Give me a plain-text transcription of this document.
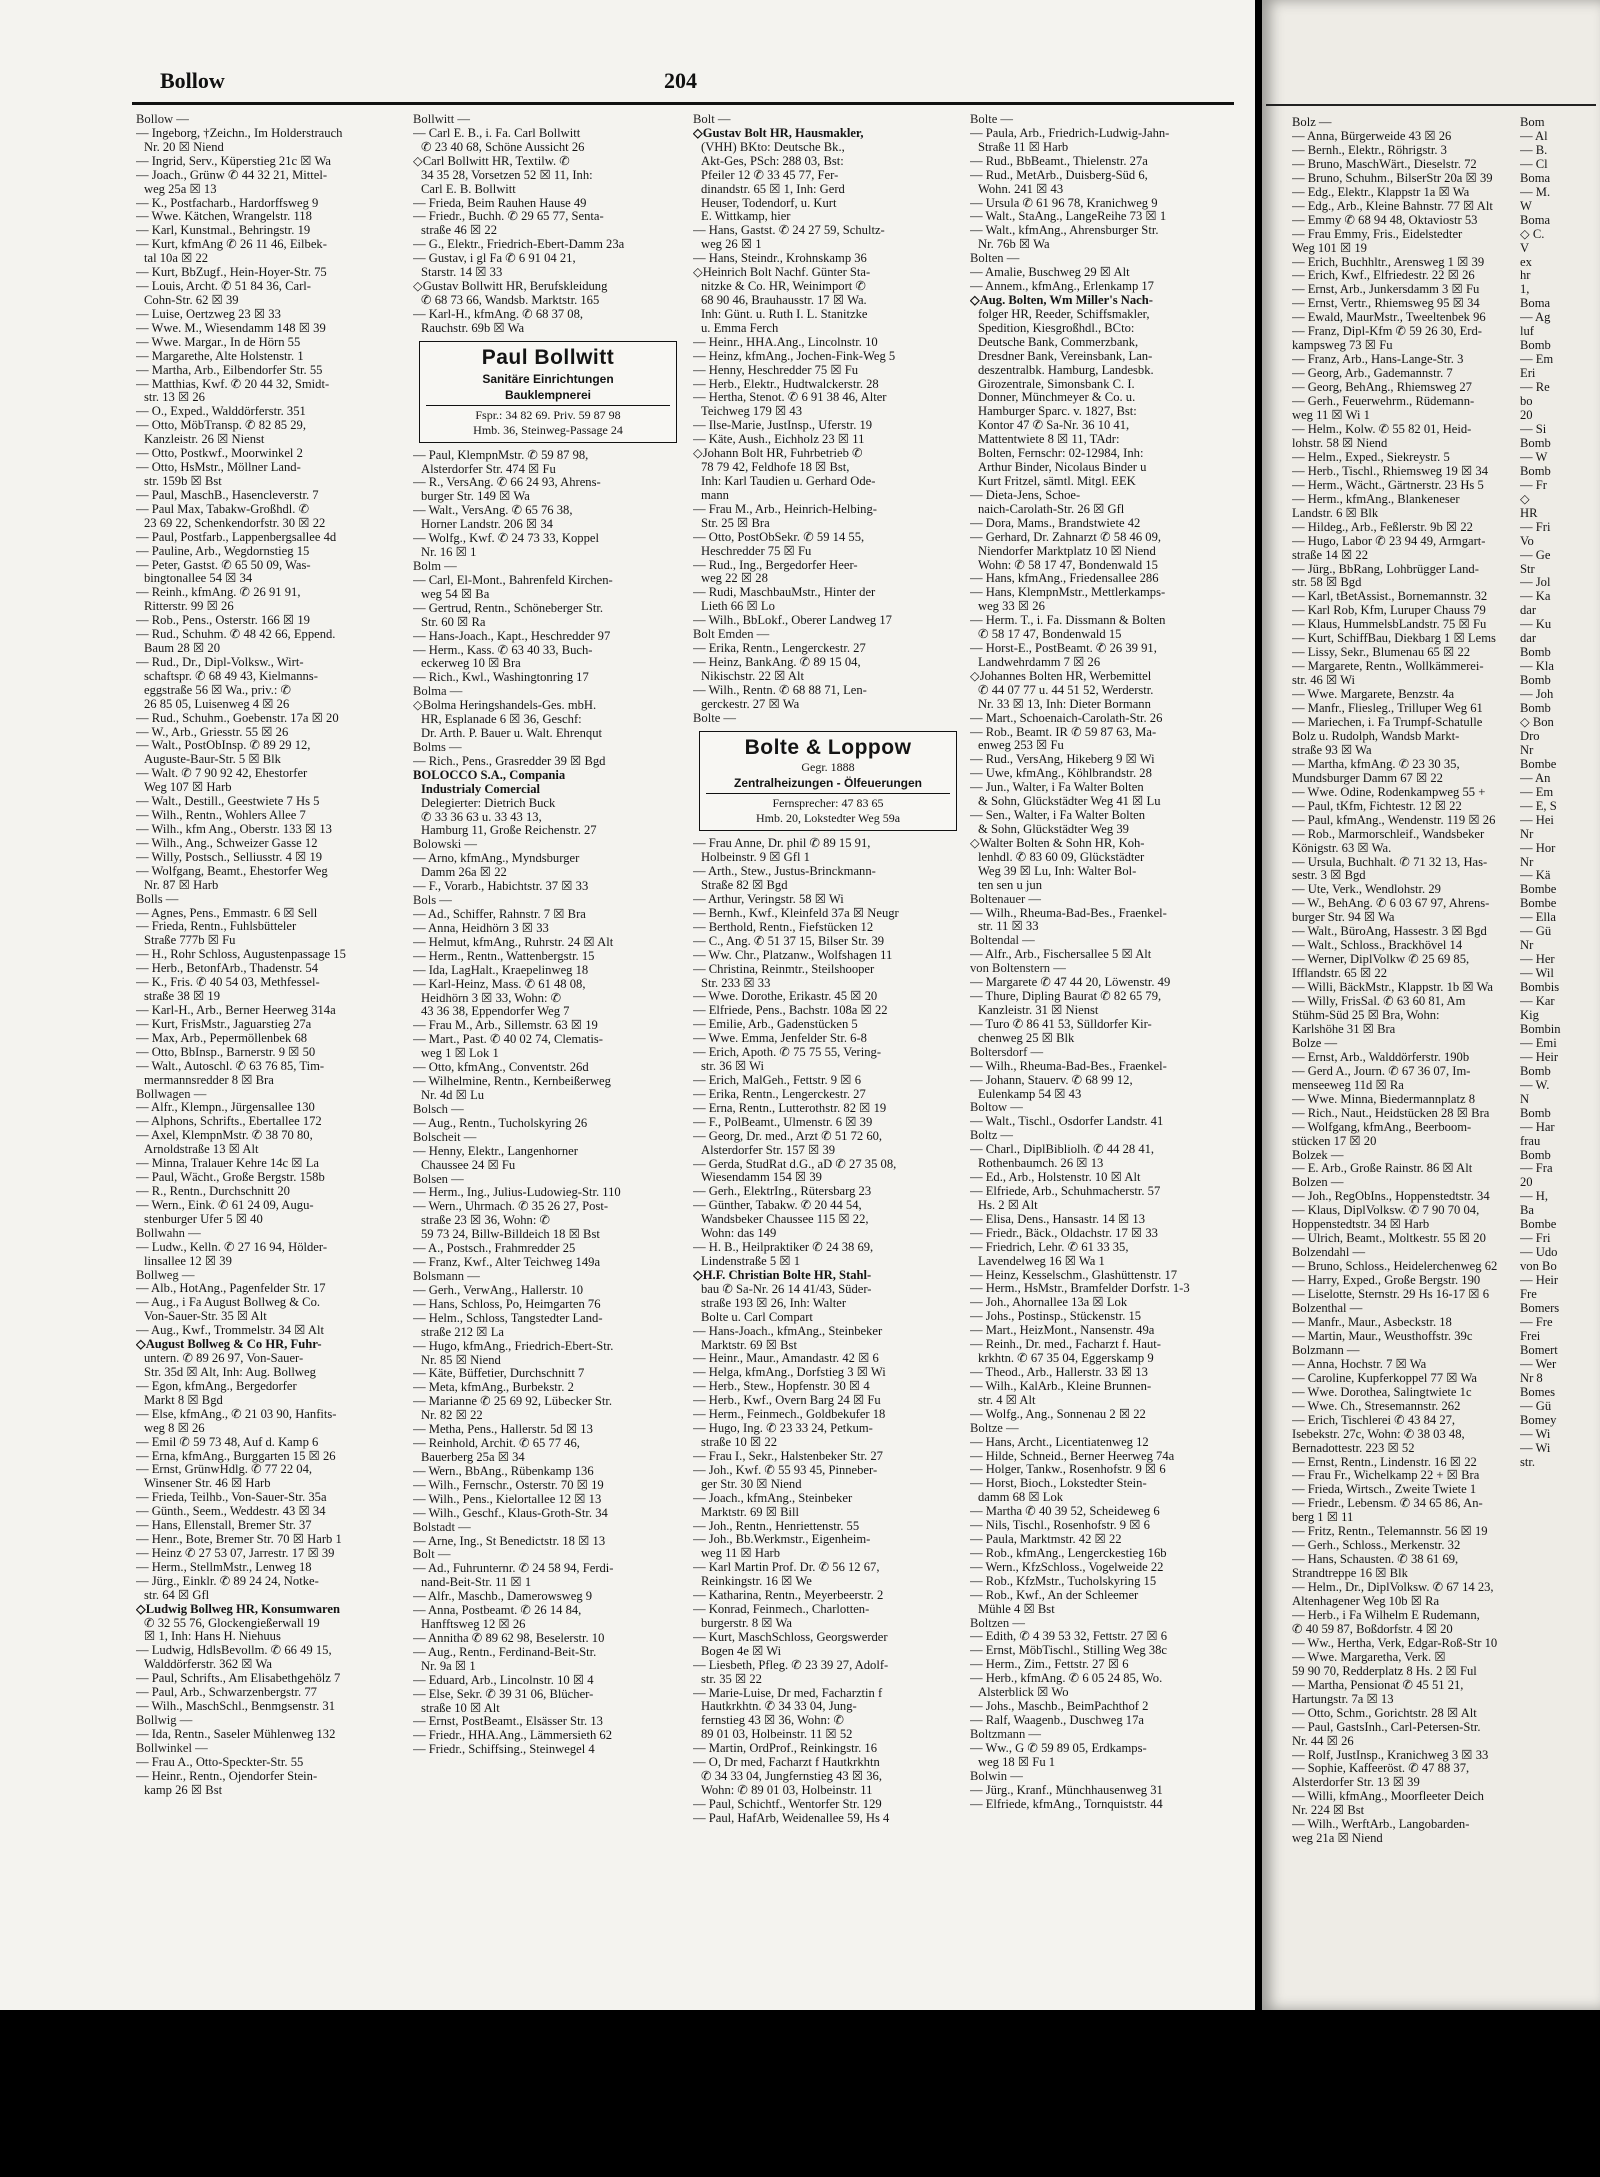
Bollow	204
Bollow —
— Ingeborg, †Zeichn., Im Holderstrauch
Nr. 20 ☒ Niend
— Ingrid, Serv., Küperstieg 21c ☒ Wa
— Joach., Grünw ✆ 44 32 21, Mittel-
weg 25a ☒ 13
— K., Postfacharb., Hardorffsweg 9
— Wwe. Kätchen, Wrangelstr. 118
— Karl, Kunstmal., Behringstr. 19
— Kurt, kfmAng ✆ 26 11 46, Eilbek-
tal 10a ☒ 22
— Kurt, BbZugf., Hein-Hoyer-Str. 75
— Louis, Archt. ✆ 51 84 36, Carl-
Cohn-Str. 62 ☒ 39
— Luise, Oertzweg 23 ☒ 33
— Wwe. M., Wiesendamm 148 ☒ 39
— Wwe. Margar., In de Hörn 55
— Margarethe, Alte Holstenstr. 1
— Martha, Arb., Eilbendorfer Str. 55
— Matthias, Kwf. ✆ 20 44 32, Smidt-
str. 13 ☒ 26
— O., Exped., Walddörferstr. 351
— Otto, MöbTransp. ✆ 82 85 29,
Kanzleistr. 26 ☒ Nienst
— Otto, Postkwf., Moorwinkel 2
— Otto, HsMstr., Möllner Land-
str. 159b ☒ Bst
— Paul, MaschB., Hasencleverstr. 7
— Paul Max, Tabakw-Großhdl. ✆
23 69 22, Schenkendorfstr. 30 ☒ 22
— Paul, Postfarb., Lappenbergsallee 4d
— Pauline, Arb., Wegdornstieg 15
— Peter, Gastst. ✆ 65 50 09, Was-
bingtonallee 54 ☒ 34
— Reinh., kfmAng. ✆ 26 91 91,
Ritterstr. 99 ☒ 26
— Rob., Pens., Osterstr. 166 ☒ 19
— Rud., Schuhm. ✆ 48 42 66, Eppend.
Baum 28 ☒ 20
— Rud., Dr., Dipl-Volksw., Wirt-
schaftspr. ✆ 68 49 43, Kielmanns-
eggstraße 56 ☒ Wa., priv.: ✆
26 85 05, Luisenweg 4 ☒ 26
— Rud., Schuhm., Goebenstr. 17a ☒ 20
— W., Arb., Griesstr. 55 ☒ 26
— Walt., PostObInsp. ✆ 89 29 12,
Auguste-Baur-Str. 5 ☒ Blk
— Walt. ✆ 7 90 92 42, Ehestorfer
Weg 107 ☒ Harb
— Walt., Destill., Geestwiete 7 Hs 5
— Wilh., Rentn., Wohlers Allee 7
— Wilh., kfm Ang., Oberstr. 133 ☒ 13
— Wilh., Ang., Schweizer Gasse 12
— Willy, Postsch., Selliusstr. 4 ☒ 19
— Wolfgang, Beamt., Ehestorfer Weg
Nr. 87 ☒ Harb
Bolls —
— Agnes, Pens., Emmastr. 6 ☒ Sell
— Frieda, Rentn., Fuhlsbütteler
Straße 777b ☒ Fu
— H., Rohr Schloss, Augustenpassage 15
— Herb., BetonfArb., Thadenstr. 54
— K., Fris. ✆ 40 54 03, Methfessel-
straße 38 ☒ 19
— Karl-H., Arb., Berner Heerweg 314a
— Kurt, FrisMstr., Jaguarstieg 27a
— Max, Arb., Pepermöllenbek 68
— Otto, BbInsp., Barnerstr. 9 ☒ 50
— Walt., Autoschl. ✆ 63 76 85, Tim-
mermannsredder 8 ☒ Bra
Bollwagen —
— Alfr., Klempn., Jürgensallee 130
— Alphons, Schrifts., Ebertallee 172
— Axel, KlempnMstr. ✆ 38 70 80,
Arnoldstraße 13 ☒ Alt
— Minna, Tralauer Kehre 14c ☒ La
— Paul, Wächt., Große Bergstr. 158b
— R., Rentn., Durchschnitt 20
— Wern., Eink. ✆ 61 24 09, Augu-
stenburger Ufer 5 ☒ 40
Bollwahn —
— Ludw., Kelln. ✆ 27 16 94, Hölder-
linsallee 12 ☒ 39
Bollweg —
— Alb., HotAng., Pagenfelder Str. 17
— Aug., i Fa August Bollweg & Co.
Von-Sauer-Str. 35 ☒ Alt
— Aug., Kwf., Trommelstr. 34 ☒ Alt
◇ August Bollweg & Co HR, Fuhr-
untern. ✆ 89 26 97, Von-Sauer-
Str. 35d ☒ Alt, Inh: Aug. Bollweg
— Egon, kfmAng., Bergedorfer
Markt 8 ☒ Bgd
— Else, kfmAng., ✆ 21 03 90, Hanfits-
weg 8 ☒ 26
— Emil ✆ 59 73 48, Auf d. Kamp 6
— Erna, kfmAng., Burggarten 15 ☒ 26
— Ernst, GrünwHdlg. ✆ 77 22 04,
Winsener Str. 46 ☒ Harb
— Frieda, Teilhb., Von-Sauer-Str. 35a
— Günth., Seem., Weddestr. 43 ☒ 34
— Hans, Ellenstall, Bremer Str. 37
— Henr., Bote, Bremer Str. 70 ☒ Harb 1
— Heinz ✆ 27 53 07, Jarrestr. 17 ☒ 39
— Herm., StellmMstr., Lenweg 18
— Jürg., Einklr. ✆ 89 24 24, Notke-
str. 64 ☒ Gfl
◇ Ludwig Bollweg HR, Konsumwaren
✆ 32 55 76, Glockengießerwall 19
☒ 1, Inh: Hans H. Niehuus
— Ludwig, HdlsBevollm. ✆ 66 49 15,
Walddörferstr. 362 ☒ Wa
— Paul, Schrifts., Am Elisabethgehölz 7
— Paul, Arb., Schwarzenbergstr. 77
— Wilh., MaschSchl., Benmgsenstr. 31
Bollwig —
— Ida, Rentn., Saseler Mühlenweg 132
Bollwinkel —
— Frau A., Otto-Speckter-Str. 55
— Heinr., Rentn., Ojendorfer Stein-
kamp 26 ☒ Bst
Bollwitt —
— Carl E. B., i. Fa. Carl Bollwitt
✆ 23 40 68, Schöne Aussicht 26
◇ Carl Bollwitt HR, Textilw. ✆
34 35 28, Vorsetzen 52 ☒ 11, Inh:
Carl E. B. Bollwitt
— Frieda, Beim Rauhen Hause 49
— Friedr., Buchh. ✆ 29 65 77, Senta-
straße 46 ☒ 22
— G., Elektr., Friedrich-Ebert-Damm 23a
— Gustav, i gl Fa ✆ 6 91 04 21,
Starstr. 14 ☒ 33
◇ Gustav Bollwitt HR, Berufskleidung
✆ 68 73 66, Wandsb. Marktstr. 165
— Karl-H., kfmAng. ✆ 68 37 08,
Rauchstr. 69b ☒ Wa
Paul Bollwitt
Sanitäre Einrichtungen
Bauklempnerei
Fspr.: 34 82 69. Priv. 59 87 98
Hmb. 36, Steinweg-Passage 24
— Paul, KlempnMstr. ✆ 59 87 98,
Alsterdorfer Str. 474 ☒ Fu
— R., VersAng. ✆ 66 24 93, Ahrens-
burger Str. 149 ☒ Wa
— Walt., VersAng. ✆ 65 76 38,
Horner Landstr. 206 ☒ 34
— Wolfg., Kwf. ✆ 24 73 33, Koppel
Nr. 16 ☒ 1
Bolm —
— Carl, El-Mont., Bahrenfeld Kirchen-
weg 54 ☒ Ba
— Gertrud, Rentn., Schöneberger Str.
Str. 60 ☒ Ra
— Hans-Joach., Kapt., Heschredder 97
— Herm., Kass. ✆ 63 40 33, Buch-
eckerweg 10 ☒ Bra
— Rich., Kwl., Washingtonring 17
Bolma —
◇ Bolma Heringshandels-Ges. mbH.
HR, Esplanade 6 ☒ 36, Geschf:
Dr. Arth. P. Bauer u. Walt. Ehrenqut
Bolms —
— Rich., Pens., Grasredder 39 ☒ Bgd
BOLOCCO S.A., Compania
Industrialy Comercial
Delegierter: Dietrich Buck
✆ 33 36 63 u. 33 43 13,
Hamburg 11, Große Reichenstr. 27
Bolowski —
— Arno, kfmAng., Myndsburger
Damm 26a ☒ 22
— F., Vorarb., Habichtstr. 37 ☒ 33
Bols —
— Ad., Schiffer, Rahnstr. 7 ☒ Bra
— Anna, Heidhörn 3 ☒ 33
— Helmut, kfmAng., Ruhrstr. 24 ☒ Alt
— Herm., Rentn., Wattenbergstr. 15
— Ida, LagHalt., Kraepelinweg 18
— Karl-Heinz, Mass. ✆ 61 48 08,
Heidhörn 3 ☒ 33, Wohn: ✆
43 36 38, Eppendorfer Weg 7
— Frau M., Arb., Sillemstr. 63 ☒ 19
— Mart., Past. ✆ 40 02 74, Clematis-
weg 1 ☒ Lok 1
— Otto, kfmAng., Conventstr. 26d
— Wilhelmine, Rentn., Kernbeißerweg
Nr. 4d ☒ Lu
Bolsch —
— Aug., Rentn., Tucholskyring 26
Bolscheit —
— Henny, Elektr., Langenhorner
Chaussee 24 ☒ Fu
Bolsen —
— Herm., Ing., Julius-Ludowieg-Str. 110
— Wern., Uhrmach. ✆ 35 26 27, Post-
straße 23 ☒ 36, Wohn: ✆
59 73 24, Billw-Billdeich 18 ☒ Bst
— A., Postsch., Frahmredder 25
— Franz, Kwf., Alter Teichweg 149a
Bolsmann —
— Gerh., VerwAng., Hallerstr. 10
— Hans, Schloss, Po, Heimgarten 76
— Helm., Schloss, Tangstedter Land-
straße 212 ☒ La
— Hugo, kfmAng., Friedrich-Ebert-Str.
Nr. 85 ☒ Niend
— Käte, Büffetier, Durchschnitt 7
— Meta, kfmAng., Burbekstr. 2
— Marianne ✆ 25 69 92, Lübecker Str.
Nr. 82 ☒ 22
— Metha, Pens., Hallerstr. 5d ☒ 13
— Reinhold, Archit. ✆ 65 77 46,
Bauerberg 25a ☒ 34
— Wern., BbAng., Rübenkamp 136
— Wilh., Fernschr., Osterstr. 70 ☒ 19
— Wilh., Pens., Kielortallee 12 ☒ 13
— Wilh., Geschf., Klaus-Groth-Str. 34
Bolstadt —
— Arne, Ing., St Benedictstr. 18 ☒ 13
Bolt —
— Ad., Fuhrunternr. ✆ 24 58 94, Ferdi-
nand-Beit-Str. 11 ☒ 1
— Alfr., Maschb., Damerowsweg 9
— Anna, Postbeamt. ✆ 26 14 84,
Hanfftsweg 12 ☒ 26
— Annitha ✆ 89 62 98, Beselerstr. 10
— Aug., Rentn., Ferdinand-Beit-Str.
Nr. 9a ☒ 1
— Eduard, Arb., Lincolnstr. 10 ☒ 4
— Else, Sekr. ✆ 39 31 06, Blücher-
straße 10 ☒ Alt
— Ernst, PostBeamt., Elsässer Str. 13
— Friedr., HHA.Ang., Lämmersieth 62
— Friedr., Schiffsing., Steinwegel 4
Bolt —
◇ Gustav Bolt HR, Hausmakler,
(VHH) BKto: Deutsche Bk.,
Akt-Ges, PSch: 288 03, Bst:
Pfeiler 12 ✆ 33 45 77, Fer-
dinandstr. 65 ☒ 1, Inh: Gerd
Heuser, Todendorf, u. Kurt
E. Wittkamp, hier
— Hans, Gastst. ✆ 24 27 59, Schultz-
weg 26 ☒ 1
— Hans, Steindr., Krohnskamp 36
◇ Heinrich Bolt Nachf. Günter Sta-
nitzke & Co. HR, Weinimport ✆
68 90 46, Brauhausstr. 17 ☒ Wa.
Inh: Günt. u. Ruth I. L. Stanitzke
u. Emma Ferch
— Heinr., HHA.Ang., Lincolnstr. 10
— Heinz, kfmAng., Jochen-Fink-Weg 5
— Henny, Heschredder 75 ☒ Fu
— Herb., Elektr., Hudtwalckerstr. 28
— Hertha, Stenot. ✆ 6 91 38 46, Alter
Teichweg 179 ☒ 43
— Ilse-Marie, JustInsp., Uferstr. 19
— Käte, Aush., Eichholz 23 ☒ 11
◇ Johann Bolt HR, Fuhrbetrieb ✆
78 79 42, Feldhofe 18 ☒ Bst,
Inh: Karl Taudien u. Gerhard Ode-
mann
— Frau M., Arb., Heinrich-Helbing-
Str. 25 ☒ Bra
— Otto, PostObSekr. ✆ 59 14 55,
Heschredder 75 ☒ Fu
— Rud., Ing., Bergedorfer Heer-
weg 22 ☒ 28
— Rudi, MaschbauMstr., Hinter der
Lieth 66 ☒ Lo
— Wilh., BbLokf., Oberer Landweg 17
Bolt Emden —
— Erika, Rentn., Lengerckestr. 27
— Heinz, BankAng. ✆ 89 15 04,
Nikischstr. 22 ☒ Alt
— Wilh., Rentn. ✆ 68 88 71, Len-
gerckestr. 27 ☒ Wa
Bolte —
Bolte & Loppow
Gegr. 1888
Zentralheizungen - Ölfeuerungen
Fernsprecher: 47 83 65
Hmb. 20, Lokstedter Weg 59a
— Frau Anne, Dr. phil ✆ 89 15 91,
Holbeinstr. 9 ☒ Gfl 1
— Arth., Stew., Justus-Brinckmann-
Straße 82 ☒ Bgd
— Arthur, Veringstr. 58 ☒ Wi
— Bernh., Kwf., Kleinfeld 37a ☒ Neugr
— Berthold, Rentn., Fiefstücken 12
— C., Ang. ✆ 51 37 15, Bilser Str. 39
— Ww. Chr., Platzanw., Wolfshagen 11
— Christina, Reinmtr., Steilshooper
Str. 233 ☒ 33
— Wwe. Dorothe, Erikastr. 45 ☒ 20
— Elfriede, Pens., Bachstr. 108a ☒ 22
— Emilie, Arb., Gadenstücken 5
— Wwe. Emma, Jenfelder Str. 6-8
— Erich, Apoth. ✆ 75 75 55, Vering-
str. 36 ☒ Wi
— Erich, MalGeh., Fettstr. 9 ☒ 6
— Erika, Rentn., Lengerckestr. 27
— Erna, Rentn., Lutterothstr. 82 ☒ 19
— F., PolBeamt., Ulmenstr. 6 ☒ 39
— Georg, Dr. med., Arzt ✆ 51 72 60,
Alsterdorfer Str. 157 ☒ 39
— Gerda, StudRat d.G., aD ✆ 27 35 08,
Wiesendamm 154 ☒ 39
— Gerh., ElektrIng., Rütersbarg 23
— Günther, Tabakw. ✆ 20 44 54,
Wandsbeker Chaussee 115 ☒ 22,
Wohn: das 149
— H. B., Heilpraktiker ✆ 24 38 69,
Lindenstraße 5 ☒ 1
◇ H.F. Christian Bolte HR, Stahl-
bau ✆ Sa-Nr. 26 14 41/43, Süder-
straße 193 ☒ 26, Inh: Walter
Bolte u. Carl Compart
— Hans-Joach., kfmAng., Steinbeker
Marktstr. 69 ☒ Bst
— Heinr., Maur., Amandastr. 42 ☒ 6
— Helga, kfmAng., Dorfstieg 3 ☒ Wi
— Herb., Stew., Hopfenstr. 30 ☒ 4
— Herb., Kwf., Overn Barg 24 ☒ Fu
— Herm., Feinmech., Goldbekufer 18
— Hugo, Ing. ✆ 23 33 24, Petkum-
straße 10 ☒ 22
— Frau I., Sekr., Halstenbeker Str. 27
— Joh., Kwf. ✆ 55 93 45, Pinneber-
ger Str. 30 ☒ Niend
— Joach., kfmAng., Steinbeker
Marktstr. 69 ☒ Bill
— Joh., Rentn., Henriettenstr. 55
— Joh., Bb.Werkmstr., Eigenheim-
weg 11 ☒ Harb
— Karl Martin Prof. Dr. ✆ 56 12 67,
Reinkingstr. 16 ☒ We
— Katharina, Rentn., Meyerbeerstr. 2
— Konrad, Feinmech., Charlotten-
burgerstr. 8 ☒ Wa
— Kurt, MaschSchloss, Georgswerder
Bogen 4e ☒ Wi
— Liesbeth, Pfleg. ✆ 23 39 27, Adolf-
str. 35 ☒ 22
— Marie-Luise, Dr med, Facharztin f
Hautkrkhtn. ✆ 34 33 04, Jung-
fernstieg 43 ☒ 36, Wohn: ✆
89 01 03, Holbeinstr. 11 ☒ 52
— Martin, OrdProf., Reinkingstr. 16
— O, Dr med, Facharzt f Hautkrkhtn
✆ 34 33 04, Jungfernstieg 43 ☒ 36,
Wohn: ✆ 89 01 03, Holbeinstr. 11
— Paul, Schichtf., Wentorfer Str. 129
— Paul, HafArb, Weidenallee 59, Hs 4
Bolte —
— Paula, Arb., Friedrich-Ludwig-Jahn-
Straße 11 ☒ Harb
— Rud., BbBeamt., Thielenstr. 27a
— Rud., MetArb., Duisberg-Süd 6,
Wohn. 241 ☒ 43
— Ursula ✆ 61 96 78, Kranichweg 9
— Walt., StaAng., LangeReihe 73 ☒ 1
— Walt., kfmAng., Ahrensburger Str.
Nr. 76b ☒ Wa
Bolten —
— Amalie, Buschweg 29 ☒ Alt
— Annem., kfmAng., Erlenkamp 17
◇ Aug. Bolten, Wm Miller's Nach-
folger HR, Reeder, Schiffsmakler,
Spedition, Kiesgroßhdl., BCto:
Deutsche Bank, Commerzbank,
Dresdner Bank, Vereinsbank, Lan-
deszentralbk. Hamburg, Landesbk.
Girozentrale, Simonsbank C. I.
Donner, Münchmeyer & Co. u.
Hamburger Sparc. v. 1827, Bst:
Kontor 47 ✆ Sa-Nr. 36 10 41,
Mattentwiete 8 ☒ 11, TAdr:
Bolten, Fernschr: 02-12984, Inh:
Arthur Binder, Nicolaus Binder u
Kurt Fritzel, sämtl. Mitgl. EEK
— Dieta-Jens, Schoe-
naich-Carolath-Str. 26 ☒ Gfl
— Dora, Mams., Brandstwiete 42
— Gerhard, Dr. Zahnarzt ✆ 58 46 09,
Niendorfer Marktplatz 10 ☒ Niend
Wohn: ✆ 58 17 47, Bondenwald 15
— Hans, kfmAng., Friedensallee 286
— Hans, KlempnMstr., Mettlerkamps-
weg 33 ☒ 26
— Herm. T., i. Fa. Dissmann & Bolten
✆ 58 17 47, Bondenwald 15
— Horst-E., PostBeamt. ✆ 26 39 91,
Landwehrdamm 7 ☒ 26
◇ Johannes Bolten HR, Werbemittel
✆ 44 07 77 u. 44 51 52, Werderstr.
Nr. 33 ☒ 13, Inh: Dieter Bormann
— Mart., Schoenaich-Carolath-Str. 26
— Rob., Beamt. IR ✆ 59 87 63, Ma-
enweg 253 ☒ Fu
— Rud., VersAng, Hikeberg 9 ☒ Wi
— Uwe, kfmAng., Köhlbrandstr. 28
— Jun., Walter, i Fa Walter Bolten
& Sohn, Glückstädter Weg 41 ☒ Lu
— Sen., Walter, i Fa Walter Bolten
& Sohn, Glückstädter Weg 39
◇ Walter Bolten & Sohn HR, Koh-
lenhdl. ✆ 83 60 09, Glückstädter
Weg 39 ☒ Lu, Inh: Walter Bol-
ten sen u jun
Boltenauer —
— Wilh., Rheuma-Bad-Bes., Fraenkel-
str. 11 ☒ 33
Boltendal —
— Alfr., Arb., Fischersallee 5 ☒ Alt
von Boltenstern —
— Margarete ✆ 47 44 20, Löwenstr. 49
— Thure, Dipling Baurat ✆ 82 65 79,
Kanzleistr. 31 ☒ Nienst
— Turo ✆ 86 41 53, Sülldorfer Kir-
chenweg 25 ☒ Blk
Boltersdorf —
— Wilh., Rheuma-Bad-Bes., Fraenkel-
— Johann, Stauerv. ✆ 68 99 12,
Eulenkamp 54 ☒ 43
Boltow —
— Walt., Tischl., Osdorfer Landstr. 41
Boltz —
— Charl., DiplBibliolh. ✆ 44 28 41,
Rothenbaumch. 26 ☒ 13
— Ed., Arb., Holstenstr. 10 ☒ Alt
— Elfriede, Arb., Schuhmacherstr. 57
Hs. 2 ☒ Alt
— Elisa, Dens., Hansastr. 14 ☒ 13
— Friedr., Bäck., Oldachstr. 17 ☒ 33
— Friedrich, Lehr. ✆ 61 33 35,
Lavendelweg 16 ☒ Wa 1
— Heinz, Kesselschm., Glashüttenstr. 17
— Herm., HsMstr., Bramfelder Dorfstr. 1-3
— Joh., Ahornallee 13a ☒ Lok
— Johs., Postinsp., Stückenstr. 15
— Mart., HeizMont., Nansenstr. 49a
— Reinh., Dr. med., Facharzt f. Haut-
krkhtn. ✆ 67 35 04, Eggerskamp 9
— Theod., Arb., Hallerstr. 33 ☒ 13
— Wilh., KalArb., Kleine Brunnen-
str. 4 ☒ Alt
— Wolfg., Ang., Sonnenau 2 ☒ 22
Boltze —
— Hans, Archt., Licentiatenweg 12
— Hilde, Schneid., Berner Heerweg 74a
— Holger, Tankw., Rosenhofstr. 9 ☒ 6
— Horst, Bioch., Lokstedter Stein-
damm 68 ☒ Lok
— Martha ✆ 40 39 52, Scheideweg 6
— Nils, Tischl., Rosenhofstr. 9 ☒ 6
— Paula, Marktmstr. 42 ☒ 22
— Rob., kfmAng., Lengerckestieg 16b
— Wern., KfzSchloss., Vogelweide 22
— Rob., KfzMstr., Tucholskyring 15
— Rob., Kwf., An der Schleemer
Mühle 4 ☒ Bst
Boltzen —
— Edith, ✆ 4 39 53 32, Fettstr. 27 ☒ 6
— Ernst, MöbTischl., Stilling Weg 38c
— Herm., Zim., Fettstr. 27 ☒ 6
— Herb., kfmAng. ✆ 6 05 24 85, Wo.
Alsterblick ☒ Wo
— Johs., Maschb., BeimPachthof 2
— Ralf, Waagenb., Duschweg 17a
Boltzmann —
— Ww., G ✆ 59 89 05, Erdkamps-
weg 18 ☒ Fu 1
Bolwin —
— Jürg., Kranf., Münchhausenweg 31
— Elfriede, kfmAng., Tornquiststr. 44
Bolz —
— Anna, Bürgerweide 43 ☒ 26
— Bernh., Elektr., Röhrigstr. 3
— Bruno, MaschWärt., Dieselstr. 72
— Bruno, Schuhm., BilserStr 20a ☒ 39
— Edg., Elektr., Klappstr 1a ☒ Wa
— Edg., Arb., Kleine Bahnstr. 77 ☒ Alt
— Emmy ✆ 68 94 48, Oktaviostr 53
— Frau Emmy, Fris., Eidelstedter
Weg 101 ☒ 19
— Erich, Buchhltr., Arensweg 1 ☒ 39
— Erich, Kwf., Elfriedestr. 22 ☒ 26
— Ernst, Arb., Junkersdamm 3 ☒ Fu
— Ernst, Vertr., Rhiemsweg 95 ☒ 34
— Ewald, MaurMstr., Tweeltenbek 96
— Franz, Dipl-Kfm ✆ 59 26 30, Erd-
kampsweg 73 ☒ Fu
— Franz, Arb., Hans-Lange-Str. 3
— Georg, Arb., Gademannstr. 7
— Georg, BehAng., Rhiemsweg 27
— Gerh., Feuerwehrm., Rüdemann-
weg 11 ☒ Wi 1
— Helm., Kolw. ✆ 55 82 01, Heid-
lohstr. 58 ☒ Niend
— Helm., Exped., Siekreystr. 5
— Herb., Tischl., Rhiemsweg 19 ☒ 34
— Herm., Wächt., Gärtnerstr. 23 Hs 5
— Herm., kfmAng., Blankeneser
Landstr. 6 ☒ Blk
— Hildeg., Arb., Feßlerstr. 9b ☒ 22
— Hugo, Labor ✆ 23 94 49, Armgart-
straße 14 ☒ 22
— Jürg., BbRang, Lohbrügger Land-
str. 58 ☒ Bgd
— Karl, tBetAssist., Bornemannstr. 32
— Karl Rob, Kfm, Luruper Chauss 79
— Klaus, HummelsbLandstr. 75 ☒ Fu
— Kurt, SchiffBau, Diekbarg 1 ☒ Lems
— Lissy, Sekr., Blumenau 65 ☒ 22
— Margarete, Rentn., Wollkämmerei-
str. 46 ☒ Wi
— Wwe. Margarete, Benzstr. 4a
— Manfr., Fliesleg., Trilluper Weg 61
— Mariechen, i. Fa Trumpf-Schatulle
Bolz u. Rudolph, Wandsb Markt-
straße 93 ☒ Wa
— Martha, kfmAng. ✆ 23 30 35,
Mundsburger Damm 67 ☒ 22
— Wwe. Odine, Rodenkampweg 55 +
— Paul, tKfm, Fichtestr. 12 ☒ 22
— Paul, kfmAng., Wendenstr. 119 ☒ 26
— Rob., Marmorschleif., Wandsbeker
Königstr. 63 ☒ Wa.
— Ursula, Buchhalt. ✆ 71 32 13, Has-
sestr. 3 ☒ Bgd
— Ute, Verk., Wendlohstr. 29
— W., BehAng. ✆ 6 03 67 97, Ahrens-
burger Str. 94 ☒ Wa
— Walt., BüroAng, Hassestr. 3 ☒ Bgd
— Walt., Schloss., Brackhövel 14
— Werner, DiplVolkw ✆ 25 69 85,
Ifflandstr. 65 ☒ 22
— Willi, BäckMstr., Klappstr. 1b ☒ Wa
— Willy, FrisSal. ✆ 63 60 81, Am
Stühm-Süd 25 ☒ Bra, Wohn:
Karlshöhe 31 ☒ Bra
Bolze —
— Ernst, Arb., Walddörferstr. 190b
— Gerd A., Journ. ✆ 67 36 07, Im-
menseeweg 11d ☒ Ra
— Wwe. Minna, Biedermannplatz 8
— Rich., Naut., Heidstücken 28 ☒ Bra
— Wolfgang, kfmAng., Beerboom-
stücken 17 ☒ 20
Bolzek —
— E. Arb., Große Rainstr. 86 ☒ Alt
Bolzen —
— Joh., RegObIns., Hoppenstedtstr. 34
— Klaus, DiplVolksw. ✆ 7 90 70 04,
Hoppenstedtstr. 34 ☒ Harb
— Ulrich, Beamt., Moltkestr. 55 ☒ 20
Bolzendahl —
— Bruno, Schloss., Heidelerchenweg 62
— Harry, Exped., Große Bergstr. 190
— Liselotte, Sternstr. 29 Hs 16-17 ☒ 6
Bolzenthal —
— Manfr., Maur., Asbeckstr. 18
— Martin, Maur., Weusthoffstr. 39c
Bolzmann —
— Anna, Hochstr. 7 ☒ Wa
— Caroline, Kupferkoppel 77 ☒ Wa
— Wwe. Dorothea, Salingtwiete 1c
— Wwe. Ch., Stresemannstr. 262
— Erich, Tischlerei ✆ 43 84 27,
Isebekstr. 27c, Wohn: ✆ 38 03 48,
Bernadottestr. 223 ☒ 52
— Ernst, Rentn., Lindenstr. 16 ☒ 22
— Frau Fr., Wichelkamp 22 + ☒ Bra
— Frieda, Wirtsch., Zweite Twiete 1
— Friedr., Lebensm. ✆ 34 65 86, An-
berg 1 ☒ 11
— Fritz, Rentn., Telemannstr. 56 ☒ 19
— Gerh., Schloss., Merkenstr. 32
— Hans, Schausten. ✆ 38 61 69,
Strandtreppe 16 ☒ Blk
— Helm., Dr., DiplVolksw. ✆ 67 14 23,
Altenhagener Weg 10b ☒ Ra
— Herb., i Fa Wilhelm E Rudemann,
✆ 40 59 87, Boßdorfstr. 4 ☒ 20
— Ww., Hertha, Verk, Edgar-Roß-Str 10
— Wwe. Margaretha, Verk. ☒
59 90 70, Redderplatz 8 Hs. 2 ☒ Ful
— Martha, Pensionat ✆ 45 51 21,
Hartungstr. 7a ☒ 13
— Otto, Schm., Gorichtstr. 28 ☒ Alt
— Paul, GastsInh., Carl-Petersen-Str.
Nr. 44 ☒ 26
— Rolf, JustInsp., Kranichweg 3 ☒ 33
— Sophie, Kaffeeröst. ✆ 47 88 37,
Alsterdorfer Str. 13 ☒ 39
— Willi, kfmAng., Moorfleeter Deich
Nr. 224 ☒ Bst
— Wilh., WerftArb., Langobarden-
weg 21a ☒ Niend
Bom
— Al
— B.
— Cl
Boma
— M.
W
Boma
◇ C.
V
ex
hr
1,
Boma
— Ag
luf
Bomb
— Em
Eri
— Re
bo
20
— Si
Bomb
— W
Bomb
— Fr
◇
HR
— Fri
Vo
— Ge
Str
— Jol
— Ka
dar
— Ku
dar
Bomb
— Kla
Bomb
— Joh
Bomb
◇ Bon
Dro
Nr
Bombe
— An
— Em
— E, S
— Hei
Nr
— Hor
Nr
— Kä
Bombe
Bombe
— Ella
— Gü
Nr
— Her
— Wil
Bombis
— Kar
Kig
Bombin
— Emi
— Heir
Bomb
— W.
N
Bomb
— Har
frau
Bomb
— Fra
20
— H,
Ba
Bombe
— Fri
— Udo
von Bo
— Heir
Fre
Bomers
— Fre
Frei
Bomert
— Wer
Nr 8
Bomes
— Gü
Bomey
— Wi
— Wi
str.
